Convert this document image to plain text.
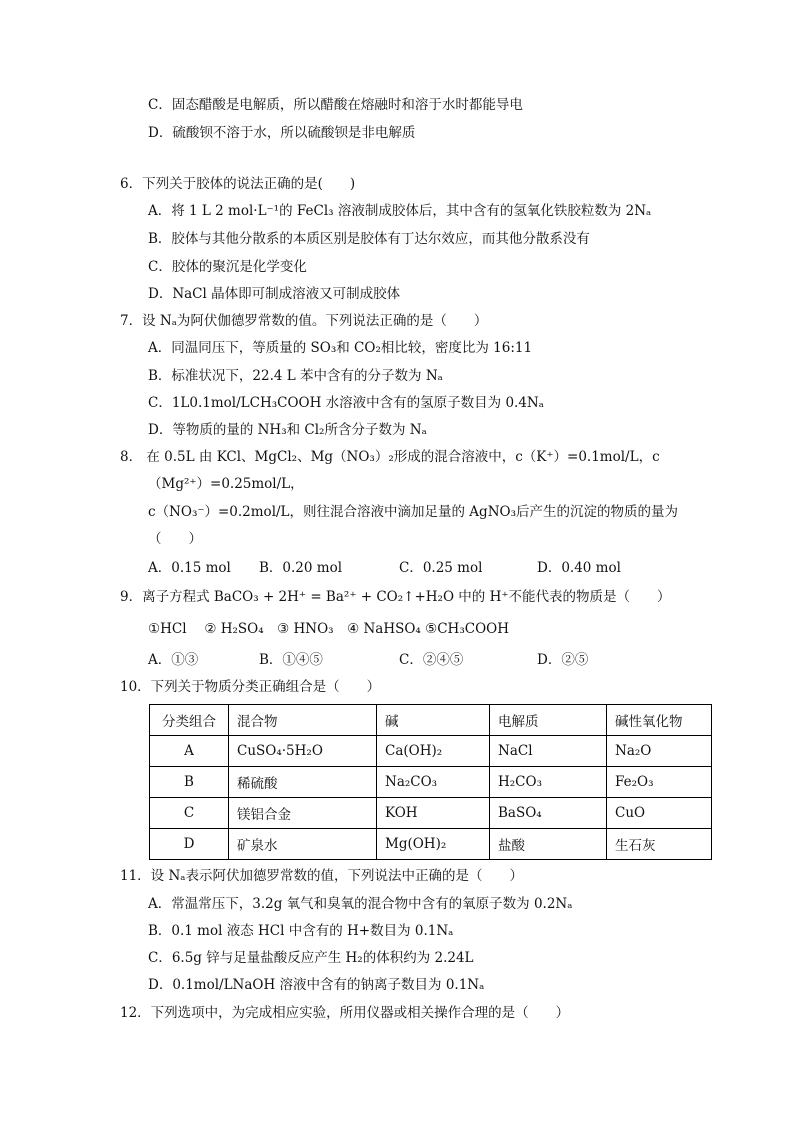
C．固态醋酸是电解质，所以醋酸在熔融时和溶于水时都能导电
D．硫酸钡不溶于水，所以硫酸钡是非电解质
6．下列关于胶体的说法正确的是(　　)
A．将 1 L 2 mol·L⁻¹的 FeCl₃ 溶液制成胶体后，其中含有的氢氧化铁胶粒数为 2Nₐ
B．胶体与其他分散系的本质区别是胶体有丁达尔效应，而其他分散系没有
C．胶体的聚沉是化学变化
D．NaCl 晶体即可制成溶液又可制成胶体
7．设 Nₐ为阿伏伽德罗常数的值。下列说法正确的是（　　）
A．同温同压下，等质量的 SO₃和 CO₂相比较，密度比为 16:11
B．标准状况下，22.4 L 苯中含有的分子数为 Nₐ
C．1L0.1mol/LCH₃COOH 水溶液中含有的氢原子数目为 0.4Nₐ
D．等物质的量的 NH₃和 Cl₂所含分子数为 Nₐ
8． 在 0.5L 由 KCl、MgCl₂、Mg（NO₃）₂形成的混合溶液中，c（K⁺）=0.1mol/L，c
（Mg²⁺）=0.25mol/L，
c（NO₃⁻）=0.2mol/L，则往混合溶液中滴加足量的 AgNO₃后产生的沉淀的物质的量为
（　　）
9．离子方程式 BaCO₃ + 2H⁺ = Ba²⁺ + CO₂↑+H₂O 中的 H⁺不能代表的物质是（　　）
①HCl　 ② H₂SO₄　③ HNO₃　④ NaHSO₄ ⑤CH₃COOH
10．下列关于物质分类正确组合是（　　）
11．设 Nₐ表示阿伏加德罗常数的值，下列说法中正确的是（　　）
A．常温常压下，3.2g 氧气和臭氧的混合物中含有的氧原子数为 0.2Nₐ
B．0.1 mol 液态 HCl 中含有的 H+数目为 0.1Nₐ
C．6.5g 锌与足量盐酸反应产生 H₂的体积约为 2.24L
D．0.1mol/LNaOH 溶液中含有的钠离子数目为 0.1Nₐ
12．下列选项中，为完成相应实验，所用仪器或相关操作合理的是（　　）
A．0.15 mol	B．0.20 mol	C．0.25 mol	D．0.40 mol
A．①③	B．①④⑤	C．②④⑤	D．②⑤
分类组合	混合物	碱	电解质	碱性氧化物
A	CuSO₄·5H₂O	Ca(OH)₂	NaCl	Na₂O
B	稀硫酸	Na₂CO₃	H₂CO₃	Fe₂O₃
C	镁铝合金	KOH	BaSO₄	CuO
D	矿泉水	Mg(OH)₂	盐酸	生石灰
